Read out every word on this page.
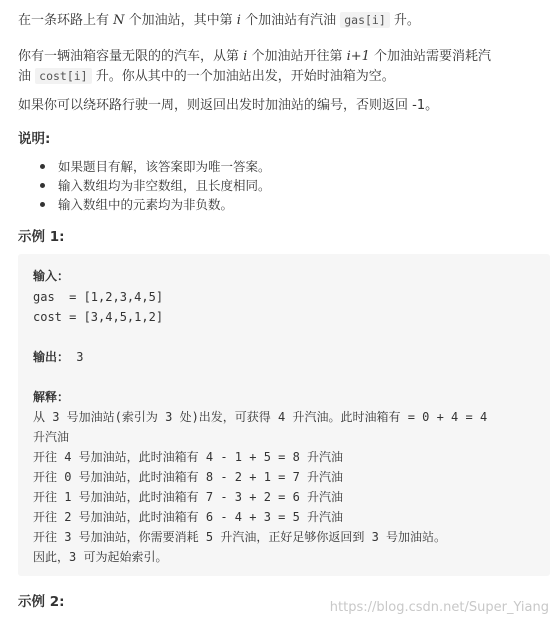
在一条环路上有 N 个加油站，其中第 i 个加油站有汽油 gas[i] 升。
你有一辆油箱容量无限的的汽车，从第 i 个加油站开往第 i+1 个加油站需要消耗汽
油 cost[i] 升。你从其中的一个加油站出发，开始时油箱为空。
如果你可以绕环路行驶一周，则返回出发时加油站的编号，否则返回 -1。
说明:
如果题目有解，该答案即为唯一答案。
输入数组均为非空数组，且长度相同。
输入数组中的元素均为非负数。
示例 1:
输入：
gas  = [1,2,3,4,5]
cost = [3,4,5,1,2]
输出： 3
解释：
从 3 号加油站(索引为 3 处)出发，可获得 4 升汽油。此时油箱有 = 0 + 4 = 4
升汽油
开往 4 号加油站，此时油箱有 4 - 1 + 5 = 8 升汽油
开往 0 号加油站，此时油箱有 8 - 2 + 1 = 7 升汽油
开往 1 号加油站，此时油箱有 7 - 3 + 2 = 6 升汽油
开往 2 号加油站，此时油箱有 6 - 4 + 3 = 5 升汽油
开往 3 号加油站，你需要消耗 5 升汽油，正好足够你返回到 3 号加油站。
因此，3 可为起始索引。
示例 2:	https://blog.csdn.net/Super_Yiang
